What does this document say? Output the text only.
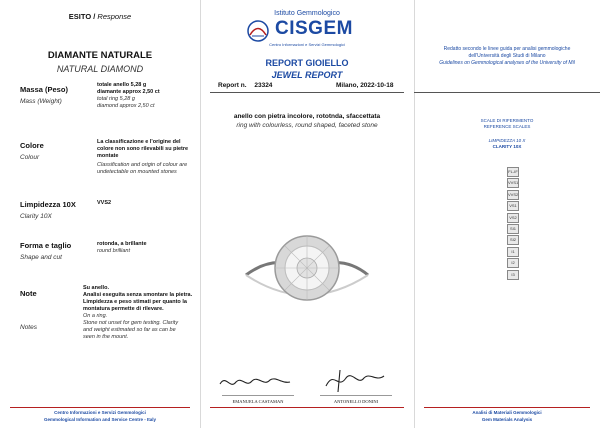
ESITO / Response
DIAMANTE NATURALE
NATURAL DIAMOND
Massa (Peso)
Mass (Weight)
totale anello 5,28 g
diamante approx 2,50 ct
total ring 5,28 g
diamond approx 2,50 ct
Colore
Colour
La classificazione e l'origine del
colore non sono rilevabili su pietre
montate
Classification and origin of colour are
undetectable on mounted stones
Limpidezza 10X
Clarity 10X
VVS2
Forma e taglio
Shape and cut
rotonda, a brillante
round brilliant
Note
Notes
Su anello.
Analisi eseguita senza smontare la pietra.
Limpidezza e peso stimati per quanto la
montatura permette di rilevare.
On a ring.
Stone not unset for gem testing. Clarity
and weight estimated so far as can be
seen in the mount.
Centro Informazioni e Servizi Gemmologici
Gemmological Information and Service Centre - Italy
Istituto Gemmologico
CISGEM
Centro Informazioni e Servizi Gemmologici
REPORT GIOIELLO
JEWEL REPORT
Report n. 23324	Milano, 2022-10-18
anello con pietra incolore, rototnda, sfaccettata
ring with colourless, round shaped, faceted stone
EMANUELA CASTAMAN	ANTONELLO DONINI
Redatto secondo le linee guida per analisi gemmologiche
dell'Università degli Studi di Milano
Guidelines on Gemmological analyses of the University of Mil
SCALE DI RIFERIMENTO
REFERENCE SCALES
LIMPIDEZZA 10 X
CLARITY 10X
Analisi di Materiali Gemmologici
Gem Materials Analysis
FL-IF
VVS1
VVS2
VS1
VS2
SI1
SI2
I1
I2
I3
